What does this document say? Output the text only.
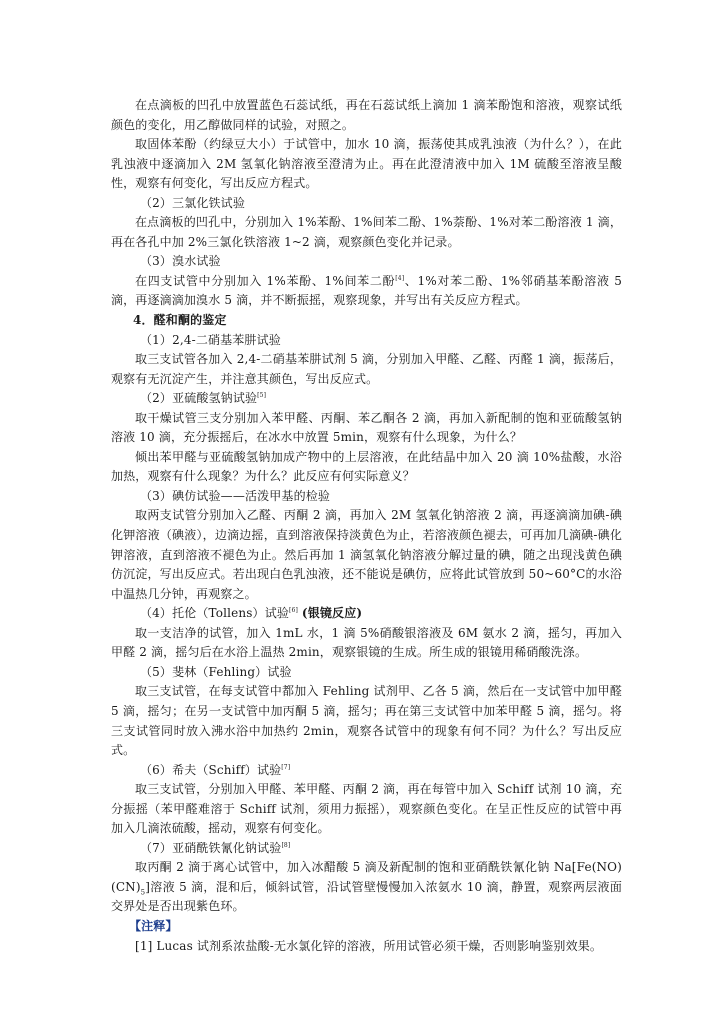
在点滴板的凹孔中放置蓝色石蕊试纸，再在石蕊试纸上滴加 1 滴苯酚饱和溶液，观察试纸颜色的变化，用乙醇做同样的试验，对照之。

取固体苯酚（约绿豆大小）于试管中，加水 10 滴，振荡使其成乳浊液（为什么？），在此乳浊液中逐滴加入 2M 氢氧化钠溶液至澄清为止。再在此澄清液中加入 1M 硫酸至溶液呈酸性，观察有何变化，写出反应方程式。

（2）三氯化铁试验

在点滴板的凹孔中，分别加入 1%苯酚、1%间苯二酚、1%萘酚、1%对苯二酚溶液 1 滴，再在各孔中加 2%三氯化铁溶液 1~2 滴，观察颜色变化并记录。

（3）溴水试验

在四支试管中分别加入 1%苯酚、1%间苯二酚[4]、1%对苯二酚、1%邻硝基苯酚溶液 5 滴，再逐滴滴加溴水 5 滴，并不断振摇，观察现象，并写出有关反应方程式。

4．醛和酮的鉴定

（1）2,4-二硝基苯肼试验

取三支试管各加入 2,4-二硝基苯肼试剂 5 滴，分别加入甲醛、乙醛、丙醛 1 滴，振荡后，观察有无沉淀产生，并注意其颜色，写出反应式。

（2）亚硫酸氢钠试验[5]

取干燥试管三支分别加入苯甲醛、丙酮、苯乙酮各 2 滴，再加入新配制的饱和亚硫酸氢钠溶液 10 滴，充分振摇后，在冰水中放置 5min，观察有什么现象，为什么？

倾出苯甲醛与亚硫酸氢钠加成产物中的上层溶液，在此结晶中加入 20 滴 10%盐酸，水浴加热，观察有什么现象？为什么？此反应有何实际意义？

（3）碘仿试验——活泼甲基的检验

取两支试管分别加入乙醛、丙酮 2 滴，再加入 2M 氢氧化钠溶液 2 滴，再逐滴滴加碘-碘化钾溶液（碘液），边滴边摇，直到溶液保持淡黄色为止，若溶液颜色褪去，可再加几滴碘-碘化钾溶液，直到溶液不褪色为止。然后再加 1 滴氢氧化钠溶液分解过量的碘，随之出现浅黄色碘仿沉淀，写出反应式。若出现白色乳浊液，还不能说是碘仿，应将此试管放到 50~60°C的水浴中温热几分钟，再观察之。

（4）托伦（Tollens）试验[6] (银镜反应)

取一支洁净的试管，加入 1mL 水，1 滴 5%硝酸银溶液及 6M 氨水 2 滴，摇匀，再加入甲醛 2 滴，摇匀后在水浴上温热 2min，观察银镜的生成。所生成的银镜用稀硝酸洗涤。

（5）斐林（Fehling）试验

取三支试管，在每支试管中都加入 Fehling 试剂甲、乙各 5 滴，然后在一支试管中加甲醛 5 滴，摇匀；在另一支试管中加丙酮 5 滴，摇匀；再在第三支试管中加苯甲醛 5 滴，摇匀。将三支试管同时放入沸水浴中加热约 2min，观察各试管中的现象有何不同？为什么？写出反应式。

（6）希夫（Schiff）试验[7]

取三支试管，分别加入甲醛、苯甲醛、丙酮 2 滴，再在每管中加入 Schiff 试剂 10 滴，充分振摇（苯甲醛难溶于 Schiff 试剂，须用力振摇），观察颜色变化。在呈正性反应的试管中再加入几滴浓硫酸，摇动，观察有何变化。

（7）亚硝酰铁氰化钠试验[8]

取丙酮 2 滴于离心试管中，加入冰醋酸 5 滴及新配制的饱和亚硝酰铁氰化钠 $Na[Fe(NO)(CN)_5]$溶液 5 滴，混和后，倾斜试管，沿试管壁慢慢加入浓氨水 10 滴，静置，观察两层液面交界处是否出现紫色环。

【注释】

[1] Lucas 试剂系浓盐酸-无水氯化锌的溶液，所用试管必须干燥，否则影响鉴别效果。
